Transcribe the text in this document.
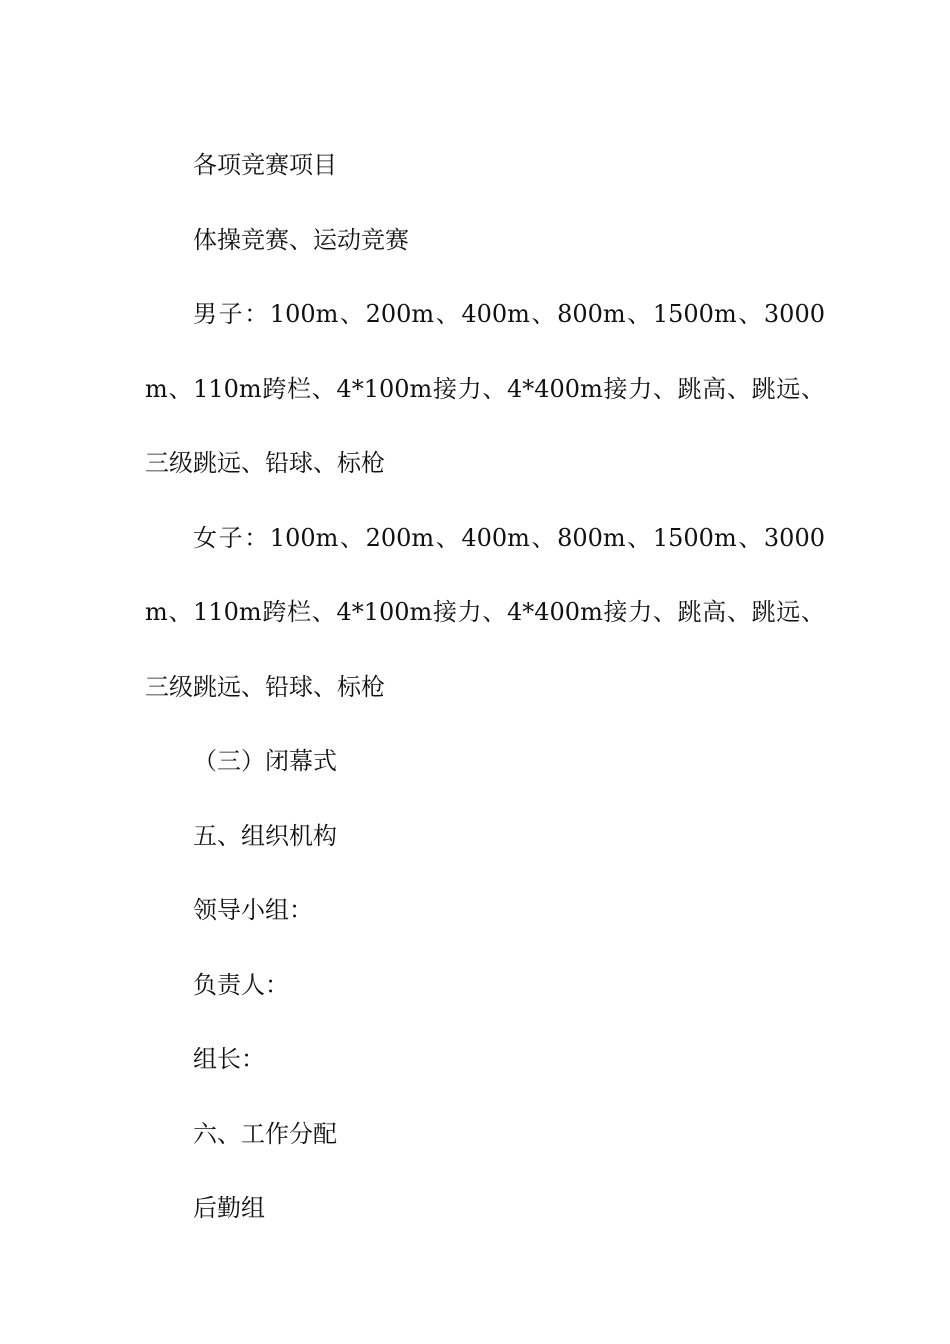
各项竞赛项目

体操竞赛、运动竞赛

男子：100m、200m、400m、800m、1500m、3000m、110m跨栏、4*100m接力、4*400m接力、跳高、跳远、三级跳远、铅球、标枪

女子：100m、200m、400m、800m、1500m、3000m、110m跨栏、4*100m接力、4*400m接力、跳高、跳远、三级跳远、铅球、标枪

（三）闭幕式

五、组织机构

领导小组：

负责人：

组长：

六、工作分配

后勤组
